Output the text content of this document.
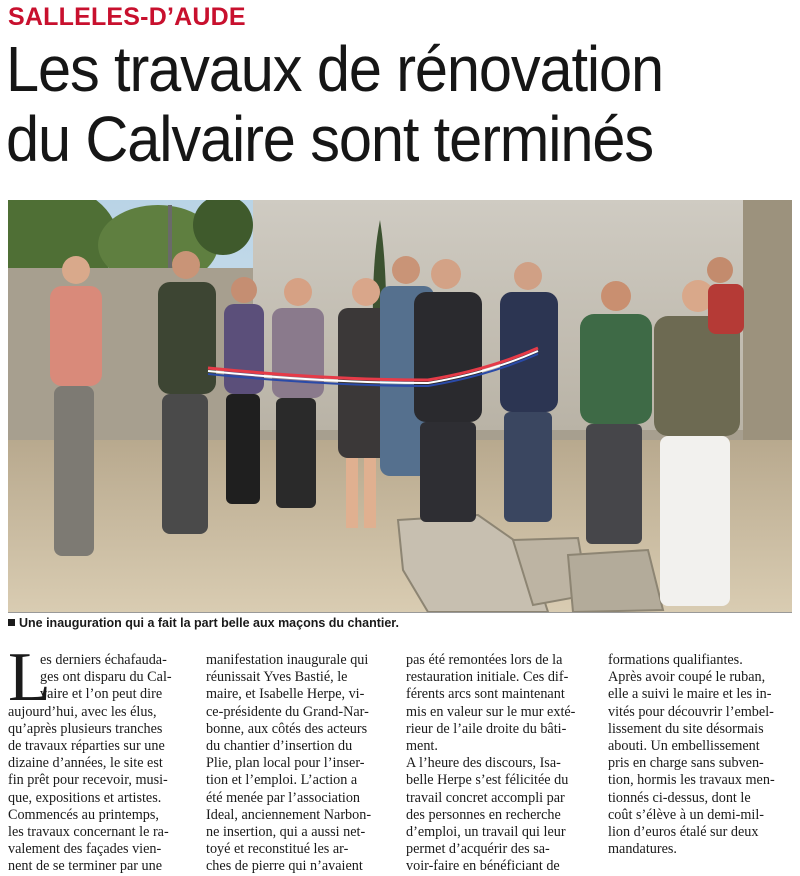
SALLELES-D’AUDE
Les travaux de rénovation
du Calvaire sont terminés
Une inauguration qui a fait la part belle aux maçons du chantier.
L
es derniers échafauda-
ges ont disparu du Cal-
vaire et l’on peut dire
aujourd’hui, avec les élus,
qu’après plusieurs tranches
de travaux réparties sur une
dizaine d’années, le site est
fin prêt pour recevoir, musi-
que, expositions et artistes.
Commencés au printemps,
les travaux concernant le ra-
valement des façades vien-
nent de se terminer par une
manifestation inaugurale qui
réunissait Yves Bastié, le
maire, et Isabelle Herpe, vi-
ce-présidente du Grand-Nar-
bonne, aux côtés des acteurs
du chantier d’insertion du
Plie, plan local pour l’inser-
tion et l’emploi. L’action a
été menée par l’association
Ideal, anciennement Narbon-
ne insertion, qui a aussi net-
toyé et reconstitué les ar-
ches de pierre qui n’avaient
pas été remontées lors de la
restauration initiale. Ces dif-
férents arcs sont maintenant
mis en valeur sur le mur exté-
rieur de l’aile droite du bâti-
ment.
A l’heure des discours, Isa-
belle Herpe s’est félicitée du
travail concret accompli par
des personnes en recherche
d’emploi, un travail qui leur
permet d’acquérir des sa-
voir-faire en bénéficiant de
formations qualifiantes.
Après avoir coupé le ruban,
elle a suivi le maire et les in-
vités pour découvrir l’embel-
lissement du site désormais
abouti. Un embellissement
pris en charge sans subven-
tion, hormis les travaux men-
tionnés ci-dessus, dont le
coût s’élève à un demi-mil-
lion d’euros étalé sur deux
mandatures.
